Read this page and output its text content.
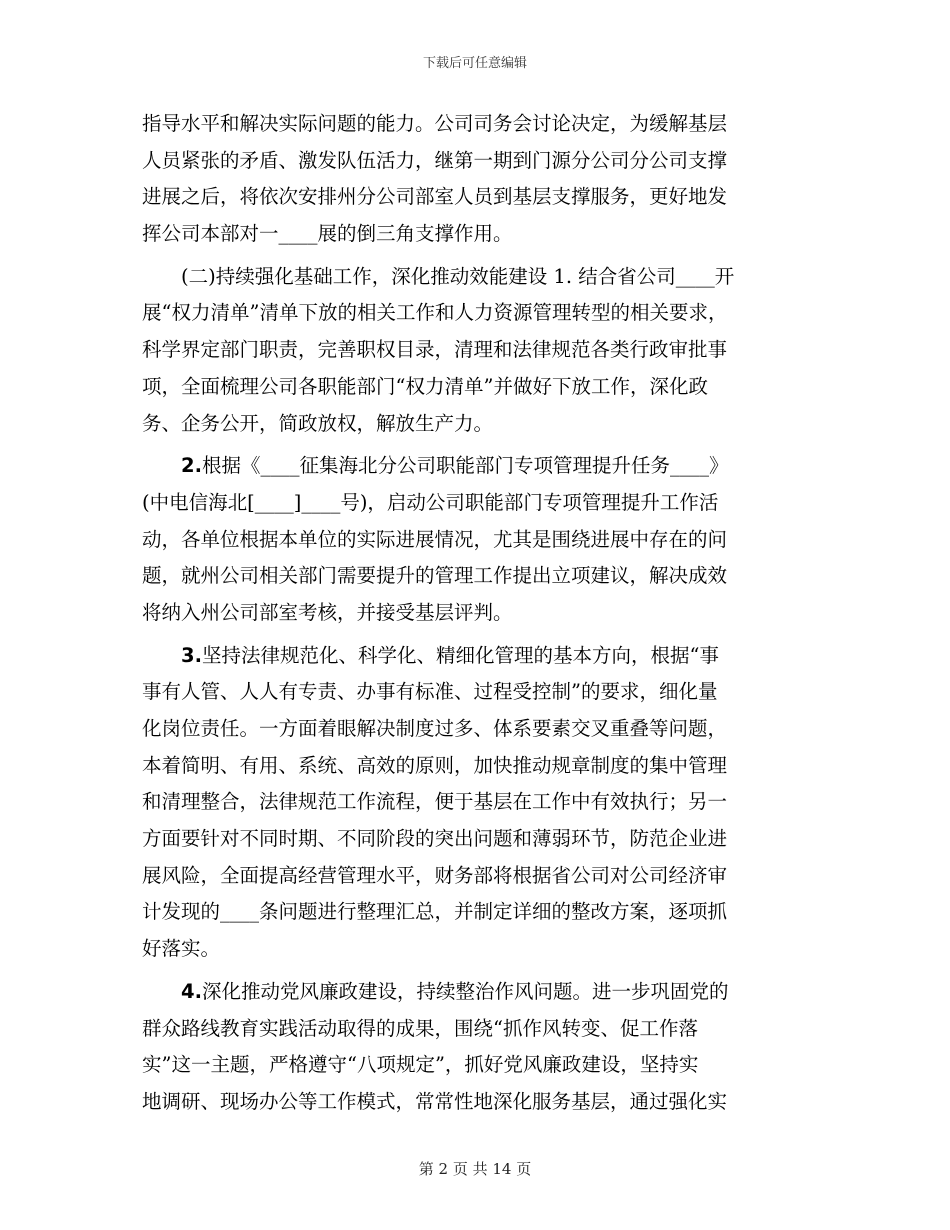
下载后可任意编辑
指导水平和解决实际问题的能力。公司司务会讨论决定，为缓解基层
人员紧张的矛盾、激发队伍活力，继第一期到门源分公司分公司支撑
进展之后，将依次安排州分公司部室人员到基层支撑服务，更好地发
挥公司本部对一____展的倒三角支撑作用。
(二)持续强化基础工作，深化推动效能建设 1. 结合省公司____开
展“权力清单”清单下放的相关工作和人力资源管理转型的相关要求，
科学界定部门职责，完善职权目录，清理和法律规范各类行政审批事
项，全面梳理公司各职能部门“权力清单”并做好下放工作，深化政
务、企务公开，简政放权，解放生产力。
2.根据《____征集海北分公司职能部门专项管理提升任务____》
(中电信海北[____]____号)，启动公司职能部门专项管理提升工作活
动，各单位根据本单位的实际进展情况，尤其是围绕进展中存在的问
题，就州公司相关部门需要提升的管理工作提出立项建议，解决成效
将纳入州公司部室考核，并接受基层评判。
3.坚持法律规范化、科学化、精细化管理的基本方向，根据“事
事有人管、人人有专责、办事有标准、过程受控制”的要求，细化量
化岗位责任。一方面着眼解决制度过多、体系要素交叉重叠等问题，
本着简明、有用、系统、高效的原则，加快推动规章制度的集中管理
和清理整合，法律规范工作流程，便于基层在工作中有效执行；另一
方面要针对不同时期、不同阶段的突出问题和薄弱环节，防范企业进
展风险，全面提高经营管理水平，财务部将根据省公司对公司经济审
计发现的____条问题进行整理汇总，并制定详细的整改方案，逐项抓
好落实。
4.深化推动党风廉政建设，持续整治作风问题。进一步巩固党的
群众路线教育实践活动取得的成果，围绕“抓作风转变、促工作落
实”这一主题，严格遵守“八项规定”，抓好党风廉政建设，坚持实
地调研、现场办公等工作模式，常常性地深化服务基层，通过强化实
第 2 页 共 14 页
